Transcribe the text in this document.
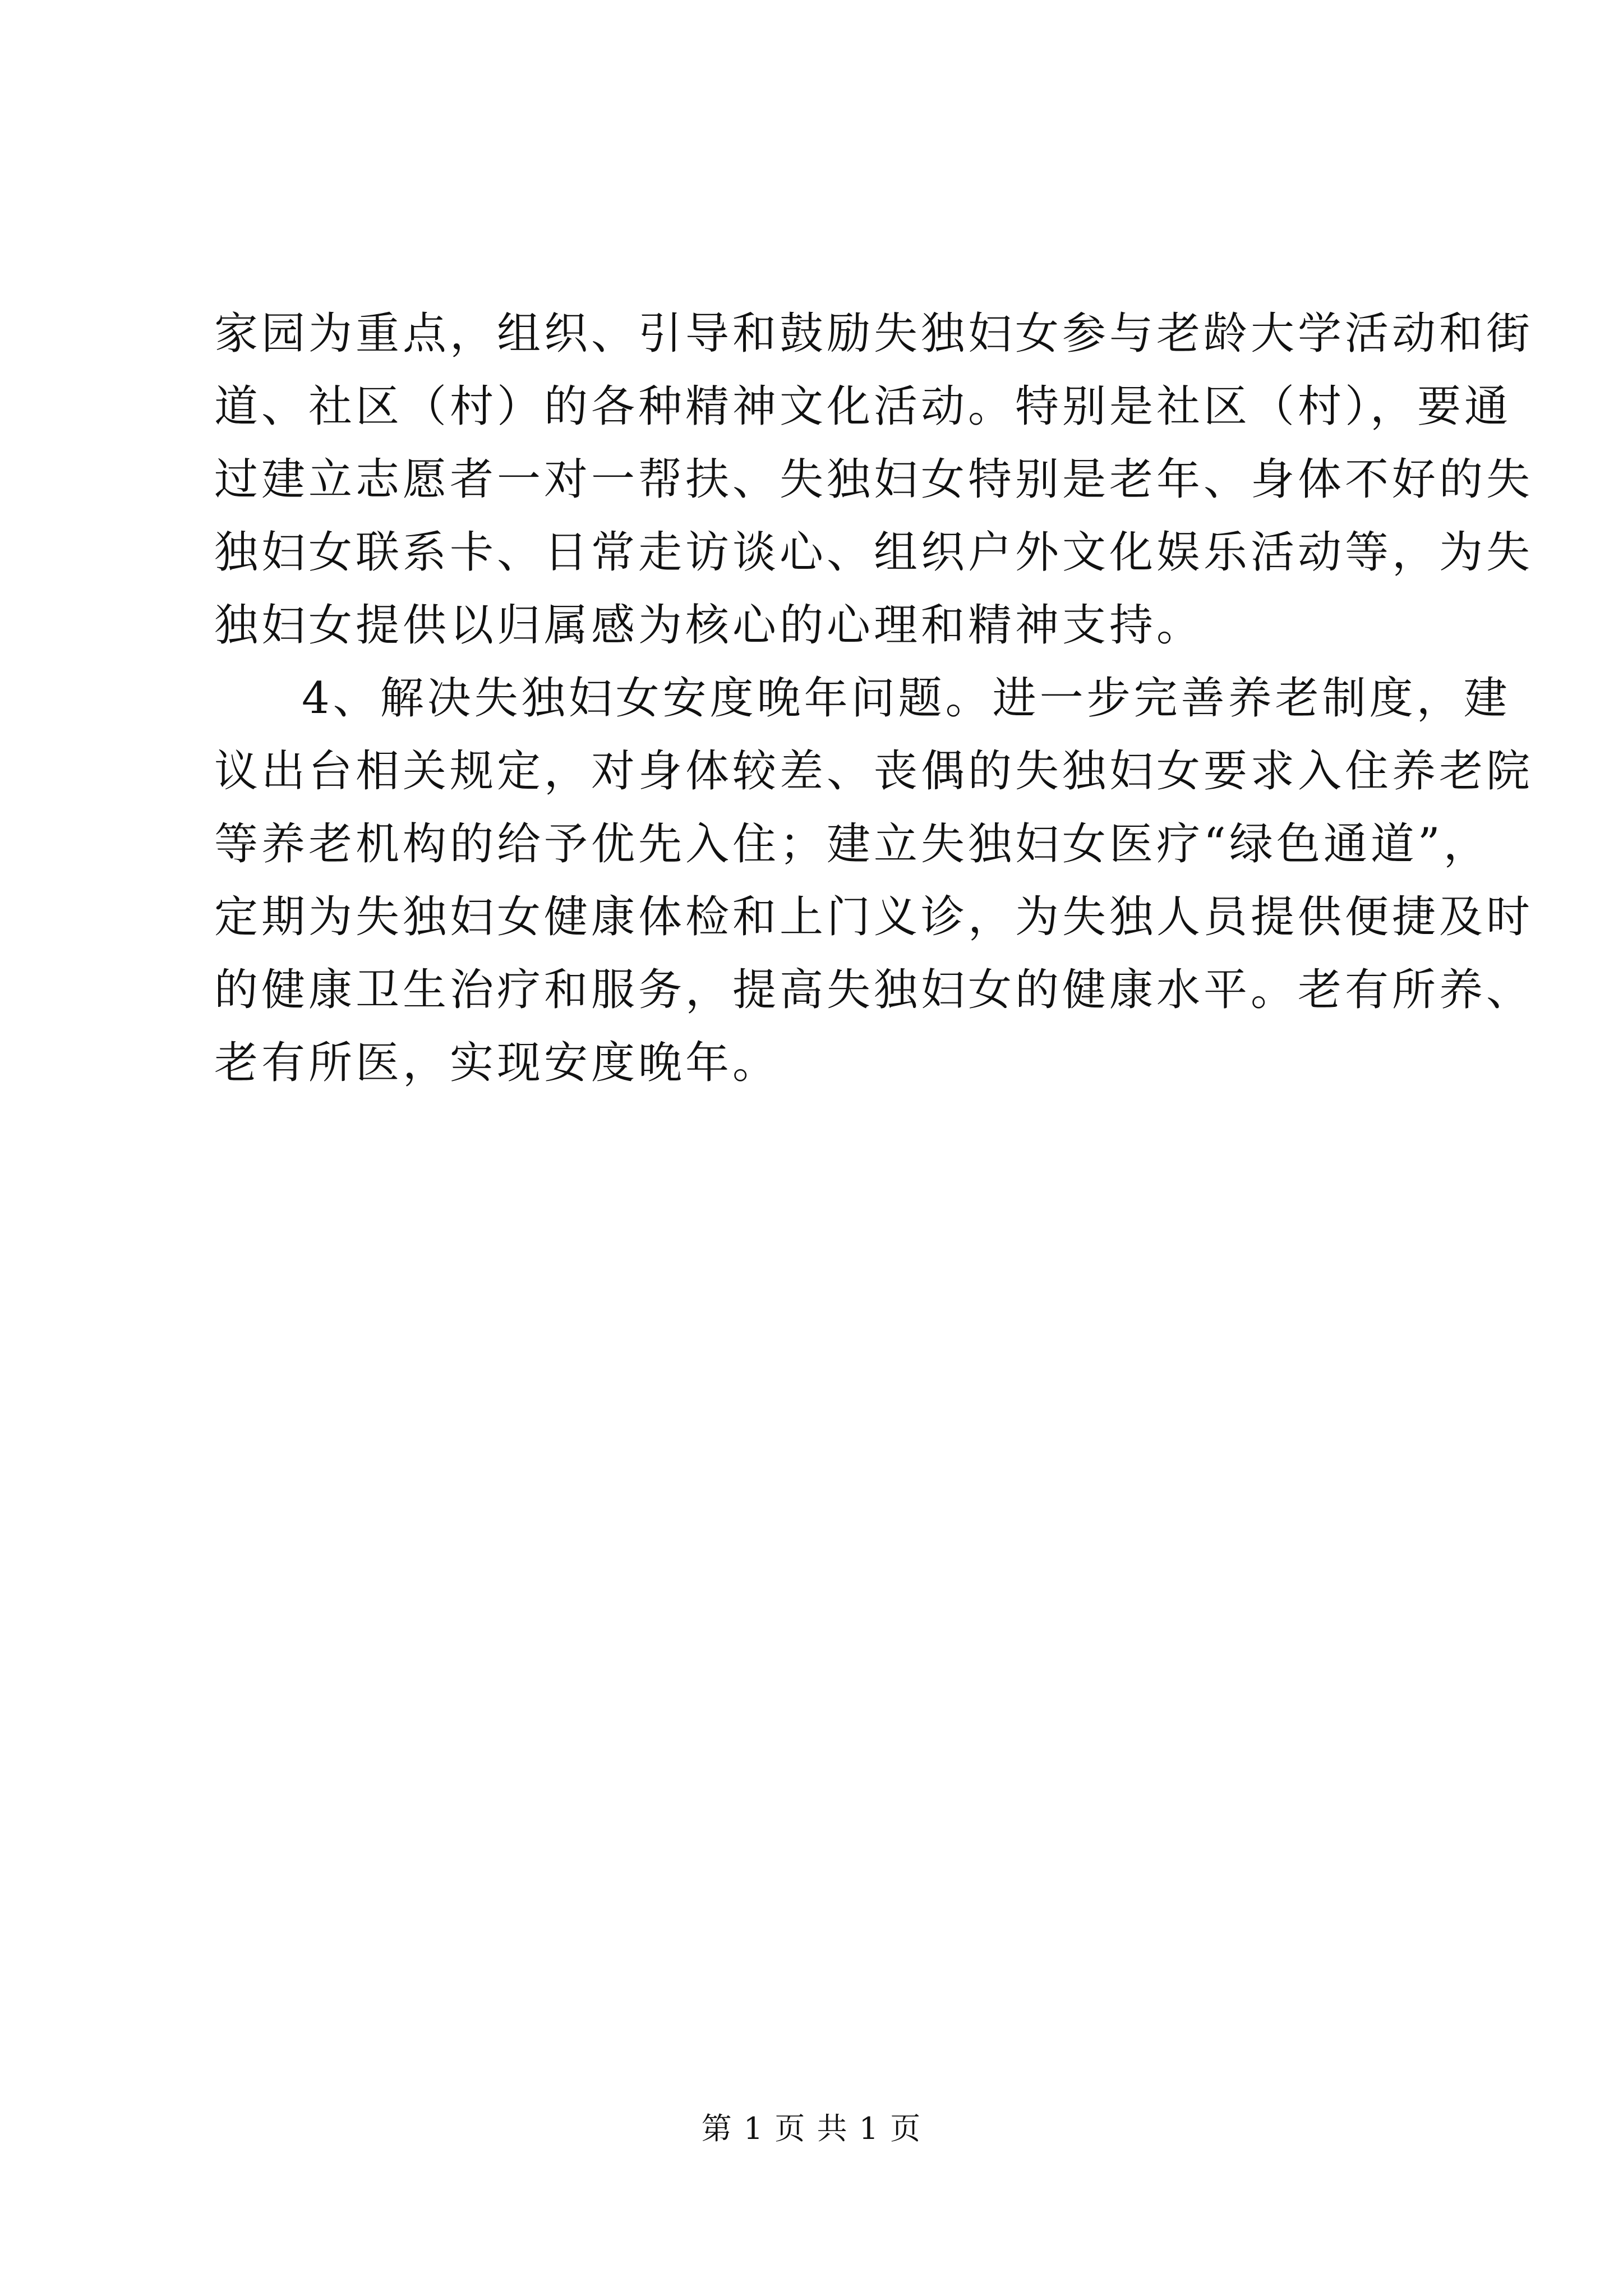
家园为重点，组织、引导和鼓励失独妇女参与老龄大学活动和街
道、社区（村）的各种精神文化活动。特别是社区（村），要通
过建立志愿者一对一帮扶、失独妇女特别是老年、身体不好的失
独妇女联系卡、日常走访谈心、组织户外文化娱乐活动等，为失
独妇女提供以归属感为核心的心理和精神支持。
4、解决失独妇女安度晚年问题。进一步完善养老制度，建
议出台相关规定，对身体较差、丧偶的失独妇女要求入住养老院
等养老机构的给予优先入住；建立失独妇女医疗“绿色通道”，
定期为失独妇女健康体检和上门义诊，为失独人员提供便捷及时
的健康卫生治疗和服务，提高失独妇女的健康水平。老有所养、
老有所医，实现安度晚年。
第 1 页 共 1 页
